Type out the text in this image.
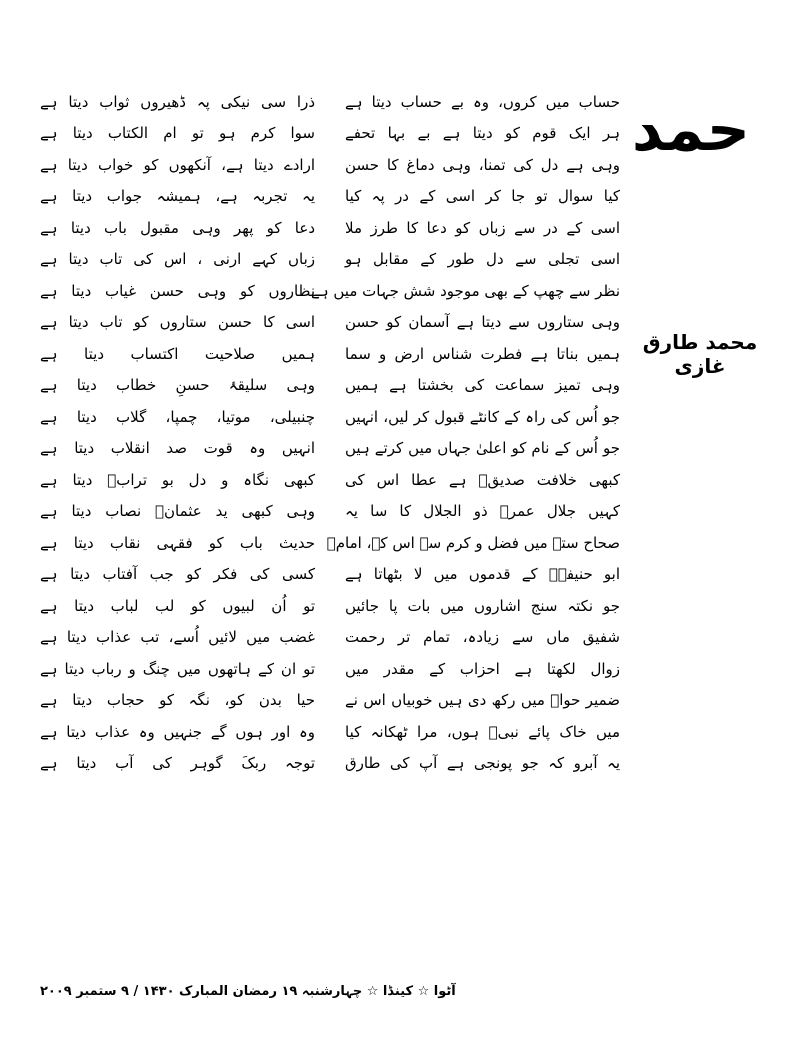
حمد
محمد طارق غازی
حساب میں کروں، وہ بے حساب دیتا ہے
ذرا سی نیکی پہ ڈھیروں ثواب دیتا ہے
ہر ایک قوم کو دیتا ہے بے بہا تحفے
سوا کرم ہو تو ام الکتاب دیتا ہے
وہی ہے دل کی تمنا، وہی دماغ کا حسن
ارادے دیتا ہے، آنکھوں کو خواب دیتا ہے
کیا سوال تو جا کر اسی کے در پہ کیا
یہ تجربہ ہے، ہمیشہ جواب دیتا ہے
اسی کے در سے زباں کو دعا کا طرز ملا
دعا کو پھر وہی مقبول باب دیتا ہے
اسی تجلی سے دل طور کے مقابل ہو
زباں کہے ارنی ، اس کی تاب دیتا ہے
نظر سے چھپ کے بھی موجود شش جہات میں ہے
نظاروں کو وہی حسن غیاب دیتا ہے
وہی ستاروں سے دیتا ہے آسمان کو حسن
اسی کا حسن ستاروں کو تاب دیتا ہے
ہمیں بناتا ہے فطرت شناس ارض و سما
ہمیں صلاحیت اکتساب دیتا ہے
وہی تمیز سماعت کی بخشتا ہے ہمیں
وہی سلیقۂ حسنِ خطاب دیتا ہے
جو اُس کی راہ کے کانٹے قبول کر لیں، انہیں
چنبیلی، موتیا، چمپا، گلاب دیتا ہے
جو اُس کے نام کو اعلیٰ جہاں میں کرتے ہیں
انہیں وہ قوت صد انقلاب دیتا ہے
کبھی خلافت صدیقؓ ہے عطا اس کی
کبھی نگاہ و دل بو ترابؓ دیتا ہے
کہیں جلال عمرؓ ذو الجلال کا سا یہ
وہی کبھی ید عثمانؓ نصاب دیتا ہے
صحاح ستہ میں فضل و کرم سے اس کے، امامؒ
حدیث باب کو فقہی نقاب دیتا ہے
ابو حنیفہؒ کے قدموں میں لا بٹھاتا ہے
کسی کی فکر کو جب آفتاب دیتا ہے
جو نکتہ سنج اشاروں میں بات پا جائیں
تو اُن لبیوں کو لب لباب دیتا ہے
شفیق ماں سے زیادہ، تمام تر رحمت
غضب میں لائیں اُسے، تب عذاب دیتا ہے
زوال لکھتا ہے احزاب کے مقدر میں
تو ان کے ہاتھوں میں چنگ و رباب دیتا ہے
ضمیر حواؑ میں رکھ دی ہیں خوبیاں اس نے
حیا بدن کو، نگہ کو حجاب دیتا ہے
میں خاک پائے نبیؐ ہوں، مرا ٹھکانہ کیا
وہ اور ہوں گے جنہیں وہ عذاب دیتا ہے
یہ آبرو کہ جو پونجی ہے آپ کی طارق
توجہ ربکَ گوہر کی آب دیتا ہے
آٹوا ☆ کینڈا ☆ چہارشنبہ ۱۹ رمضان المبارک ۱۴۳۰ / ۹ ستمبر ۲۰۰۹
